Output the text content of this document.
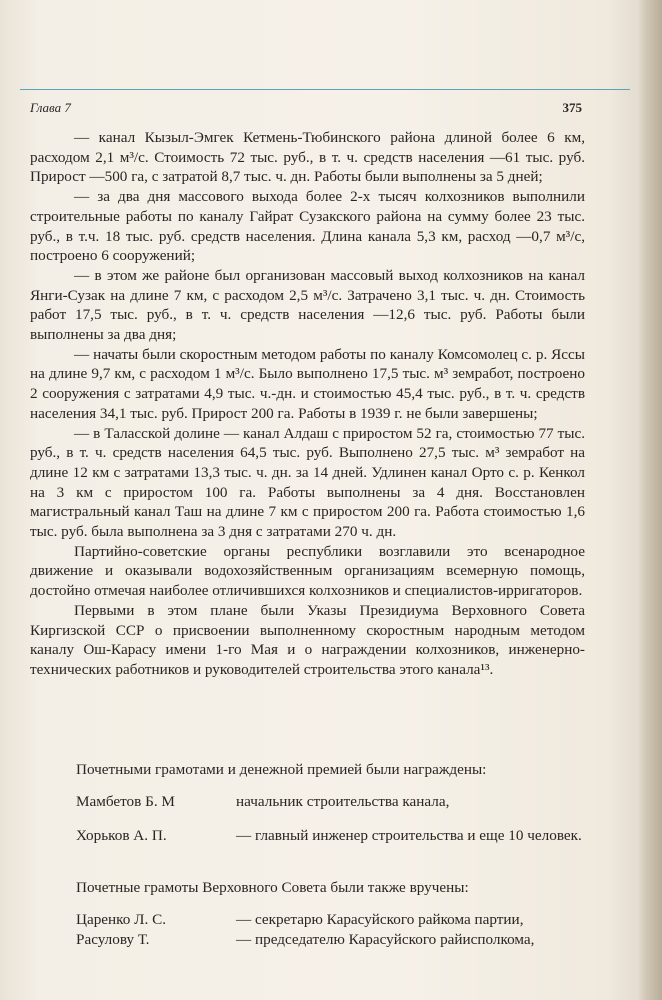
Глава 7	375

— канал Кызыл-Эмгек Кетмень-Тюбинского района длиной более 6 км, расходом 2,1 м³/с. Стоимость 72 тыс. руб., в т. ч. средств населения —61 тыс. руб. Прирост —500 га, с затратой 8,7 тыс. ч. дн. Работы были выполнены за 5 дней;

— за два дня массового выхода более 2-х тысяч колхозников выполнили строительные работы по каналу Гайрат Сузакского района на сумму более 23 тыс. руб., в т.ч. 18 тыс. руб. средств населения. Длина канала 5,3 км, расход —0,7 м³/с, построено 6 сооружений;

— в этом же районе был организован массовый выход колхозников на канал Янги-Сузак на длине 7 км, с расходом 2,5 м³/с. Затрачено 3,1 тыс. ч. дн. Стоимость работ 17,5 тыс. руб., в т. ч. средств населения —12,6 тыс. руб. Работы были выполнены за два дня;

— начаты были скоростным методом работы по каналу Комсомолец с. р. Яссы на длине 9,7 км, с расходом 1 м³/с. Было выполнено 17,5 тыс. м³ земработ, построено 2 сооружения с затратами 4,9 тыс. ч.-дн. и стоимостью 45,4 тыс. руб., в т. ч. средств населения 34,1 тыс. руб. Прирост 200 га. Работы в 1939 г. не были завершены;

— в Таласской долине — канал Алдаш с приростом 52 га, стоимостью 77 тыс. руб., в т. ч. средств населения 64,5 тыс. руб. Выполнено 27,5 тыс. м³ земработ на длине 12 км с затратами 13,3 тыс. ч. дн. за 14 дней. Удлинен канал Орто с. р. Кенкол на 3 км с приростом 100 га. Работы выполнены за 4 дня. Восстановлен магистральный канал Таш на длине 7 км с приростом 200 га. Работа стоимостью 1,6 тыс. руб. была выполнена за 3 дня с затратами 270 ч. дн.

Партийно-советские органы республики возглавили это всенародное движение и оказывали водохозяйственным организациям всемерную помощь, достойно отмечая наиболее отличившихся колхозников и специалистов-ирригаторов.

Первыми в этом плане были Указы Президиума Верховного Совета Киргизской ССР о присвоении выполненному скоростным народным методом каналу Ош-Карасу имени 1-го Мая и о награждении колхозников, инженерно-технических работников и руководителей строительства этого канала¹³.

Почетными грамотами и денежной премией были награждены:
Мамбетов Б. М	начальник строительства канала,
Хорьков А. П.	— главный инженер строительства и еще 10 человек.
Почетные грамоты Верховного Совета были также вручены:
Царенко Л. С.	— секретарю Карасуйского райкома партии,
Расулову Т.	— председателю Карасуйского райисполкома,
